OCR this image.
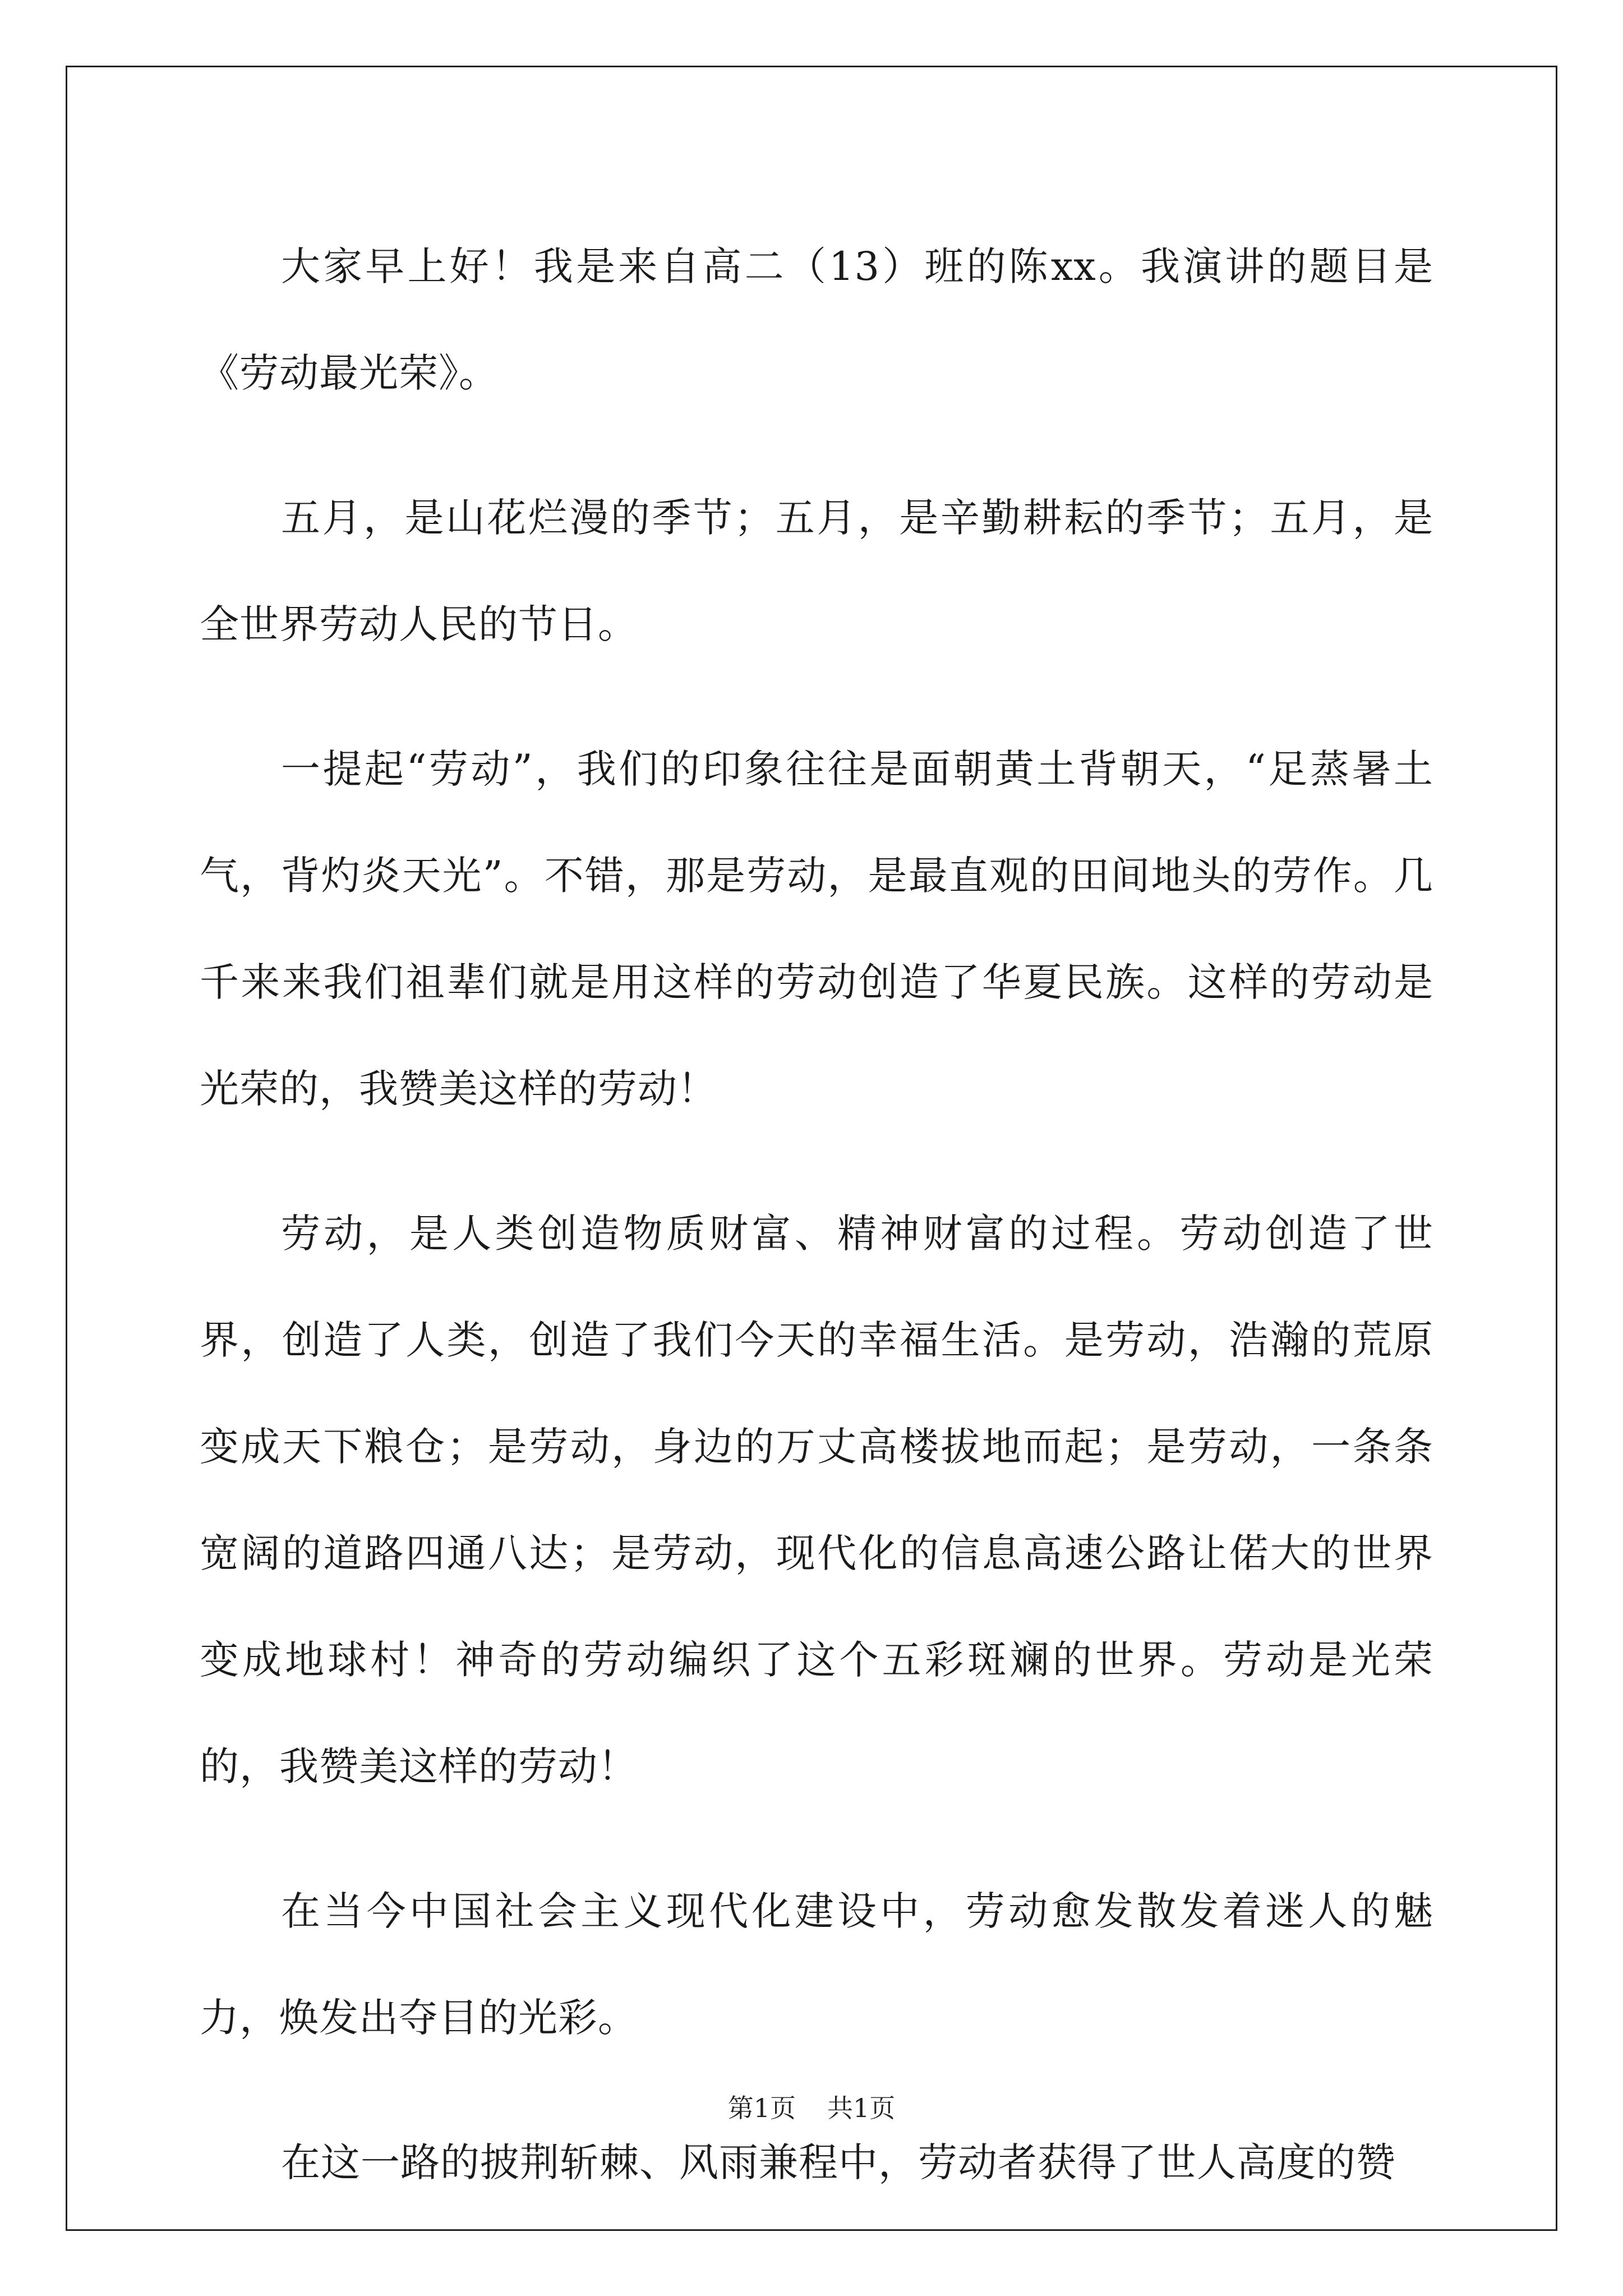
大家早上好！我是来自高二（13）班的陈xx。我演讲的题目是《劳动最光荣》。

五月，是山花烂漫的季节；五月，是辛勤耕耘的季节；五月，是全世界劳动人民的节日。

一提起“劳动”，我们的印象往往是面朝黄土背朝天，“足蒸暑土气，背灼炎天光”。不错，那是劳动，是最直观的田间地头的劳作。几千来来我们祖辈们就是用这样的劳动创造了华夏民族。这样的劳动是光荣的，我赞美这样的劳动！

劳动，是人类创造物质财富、精神财富的过程。劳动创造了世界，创造了人类，创造了我们今天的幸福生活。是劳动，浩瀚的荒原变成天下粮仓；是劳动，身边的万丈高楼拔地而起；是劳动，一条条宽阔的道路四通八达；是劳动，现代化的信息高速公路让偌大的世界变成地球村！神奇的劳动编织了这个五彩斑斓的世界。劳动是光荣的，我赞美这样的劳动！

在当今中国社会主义现代化建设中，劳动愈发散发着迷人的魅力，焕发出夺目的光彩。

在这一路的披荆斩棘、风雨兼程中，劳动者获得了世人高度的赞

第1页 共1页
